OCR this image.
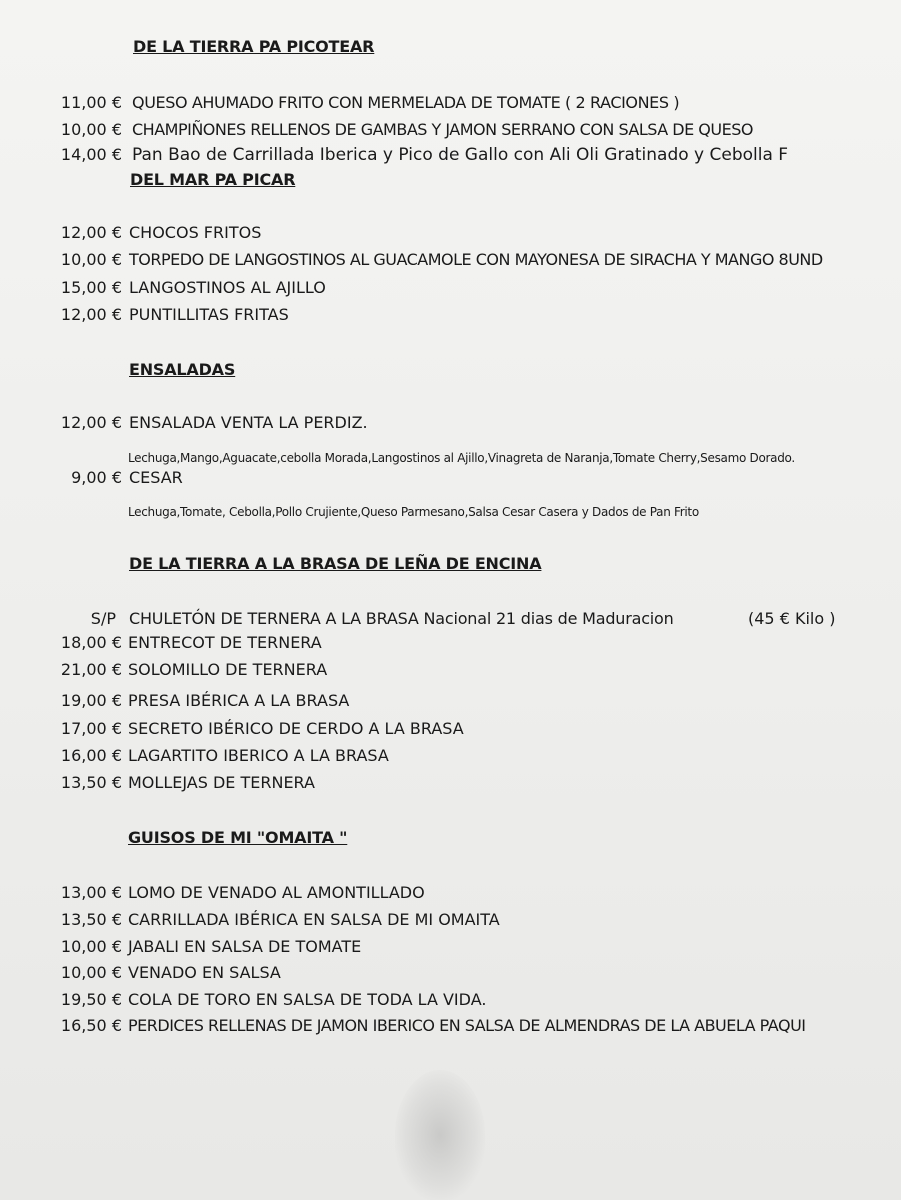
DE LA TIERRA PA PICOTEAR
11,00 € QUESO AHUMADO FRITO CON MERMELADA DE TOMATE ( 2 RACIONES )
10,00 € CHAMPIÑONES RELLENOS DE GAMBAS Y JAMON SERRANO CON SALSA DE QUESO
14,00 € Pan Bao de Carrillada Iberica y Pico de Gallo con Ali Oli Gratinado y Cebolla F
DEL MAR PA PICAR
12,00 € CHOCOS FRITOS
10,00 € TORPEDO DE LANGOSTINOS AL GUACAMOLE CON MAYONESA DE SIRACHA Y MANGO 8UND
15,00 € LANGOSTINOS AL AJILLO
12,00 € PUNTILLITAS FRITAS
ENSALADAS
12,00 € ENSALADA VENTA LA PERDIZ.
Lechuga,Mango,Aguacate,cebolla Morada,Langostinos al Ajillo,Vinagreta de Naranja,Tomate Cherry,Sesamo Dorado.
9,00 € CESAR
Lechuga,Tomate, Cebolla,Pollo Crujiente,Queso Parmesano,Salsa Cesar Casera y Dados de Pan Frito
DE LA TIERRA A LA BRASA DE LEÑA DE ENCINA
S/P CHULETÓN DE TERNERA A LA BRASA Nacional 21 dias de Maduracion	(45 € Kilo )
18,00 € ENTRECOT DE TERNERA
21,00 € SOLOMILLO DE TERNERA
19,00 € PRESA IBÉRICA A LA BRASA
17,00 € SECRETO IBÉRICO DE CERDO A LA BRASA
16,00 € LAGARTITO IBERICO A LA BRASA
13,50 € MOLLEJAS DE TERNERA
GUISOS DE MI "OMAITA "
13,00 € LOMO DE VENADO AL AMONTILLADO
13,50 € CARRILLADA IBÉRICA EN SALSA DE MI OMAITA
10,00 € JABALI EN SALSA DE TOMATE
10,00 € VENADO EN SALSA
19,50 € COLA DE TORO EN SALSA DE TODA LA VIDA.
16,50 € PERDICES RELLENAS DE JAMON IBERICO EN SALSA DE ALMENDRAS DE LA ABUELA PAQUI
